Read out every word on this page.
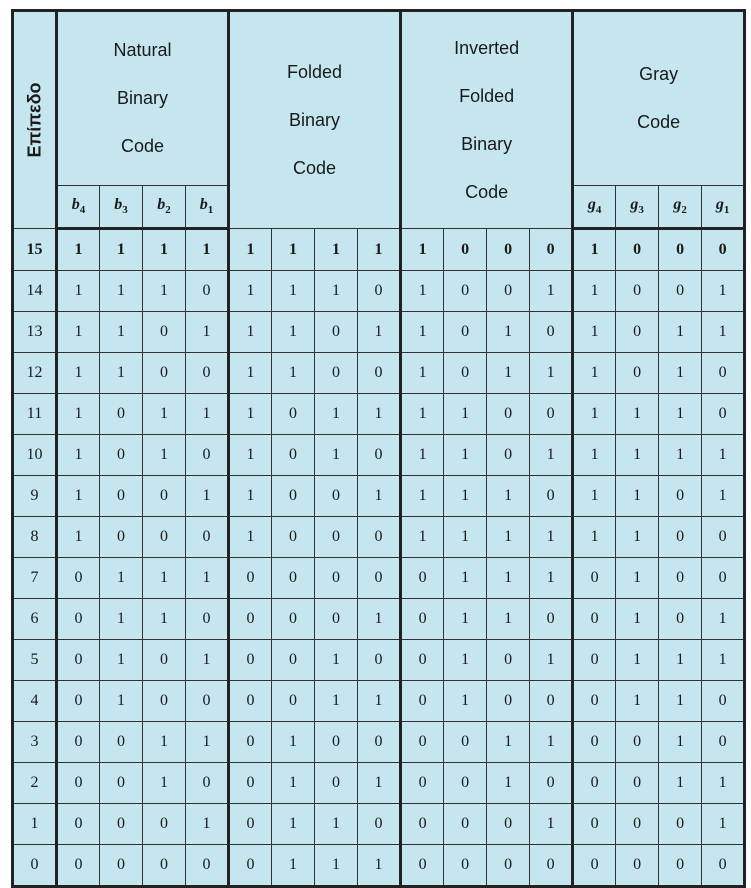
Επίπεδο	Natural

Binary

Code				Folded

Binary

Code				Inverted

Folded

Binary

Code				Gray

Code			

	$b_4$	$b_3$	$b_2$	$b_1$									$g_4$	$g_3$	$g_2$	$g_1$
15	1	1	1	1	1	1	1	1	1	0	0	0	1	0	0	0
14	1	1	1	0	1	1	1	0	1	0	0	1	1	0	0	1
13	1	1	0	1	1	1	0	1	1	0	1	0	1	0	1	1
12	1	1	0	0	1	1	0	0	1	0	1	1	1	0	1	0
11	1	0	1	1	1	0	1	1	1	1	0	0	1	1	1	0
10	1	0	1	0	1	0	1	0	1	1	0	1	1	1	1	1
9	1	0	0	1	1	0	0	1	1	1	1	0	1	1	0	1
8	1	0	0	0	1	0	0	0	1	1	1	1	1	1	0	0
7	0	1	1	1	0	0	0	0	0	1	1	1	0	1	0	0
6	0	1	1	0	0	0	0	1	0	1	1	0	0	1	0	1
5	0	1	0	1	0	0	1	0	0	1	0	1	0	1	1	1
4	0	1	0	0	0	0	1	1	0	1	0	0	0	1	1	0
3	0	0	1	1	0	1	0	0	0	0	1	1	0	0	1	0
2	0	0	1	0	0	1	0	1	0	0	1	0	0	0	1	1
1	0	0	0	1	0	1	1	0	0	0	0	1	0	0	0	1
0	0	0	0	0	0	1	1	1	0	0	0	0	0	0	0	0
